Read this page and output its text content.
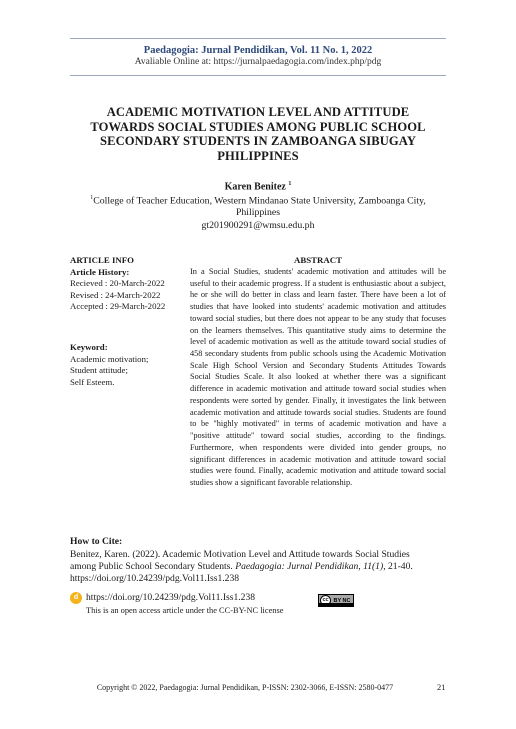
Paedagogia: Jurnal Pendidikan, Vol. 11 No. 1, 2022
Avaliable Online at: https://jurnalpaedagogia.com/index.php/pdg
ACADEMIC MOTIVATION LEVEL AND ATTITUDE
TOWARDS SOCIAL STUDIES AMONG PUBLIC SCHOOL
SECONDARY STUDENTS IN ZAMBOANGA SIBUGAY
PHILIPPINES
Karen Benitez $^1$
$^1$College of Teacher Education, Western Mindanao State University, Zamboanga City,
Philippines
gt201900291@wmsu.edu.ph
ARTICLE INFO
Article History:
Recieved : 20-March-2022
Revised : 24-March-2022
Accepted : 29-March-2022
Keyword:
Academic motivation;
Student attitude;
Self Esteem.
ABSTRACT
In a Social Studies, students' academic motivation and attitudes will be useful to their academic progress. If a student is enthusiastic about a subject, he or she will do better in class and learn faster. There have been a lot of studies that have looked into students' academic motivation and attitudes toward social studies, but there does not appear to be any study that focuses on the learners themselves. This quantitative study aims to determine the level of academic motivation as well as the attitude toward social studies of 458 secondary students from public schools using the Academic Motivation Scale High School Version and Secondary Students Attitudes Towards Social Studies Scale. It also looked at whether there was a significant difference in academic motivation and attitude toward social studies when respondents were sorted by gender. Finally, it investigates the link between academic motivation and attitude towards social studies. Students are found to be "highly motivated" in terms of academic motivation and have a "positive attitude" toward social studies, according to the findings. Furthermore, when respondents were divided into gender groups, no significant differences in academic motivation and attitude toward social studies were found. Finally, academic motivation and attitude toward social studies show a significant favorable relationship.
How to Cite:
Benitez, Karen. (2022). Academic Motivation Level and Attitude towards Social Studies
among Public School Secondary Students. Paedagogia: Jurnal Pendidikan, 11(1), 21-40.
https://doi.org/10.24239/pdg.Vol11.Iss1.238
d https://doi.org/10.24239/pdg.Vol11.Iss1.238
This is an open access article under the CC-BY-NC license
cc BY NC
Copyright © 2022, Paedagogia: Jurnal Pendidikan, P-ISSN: 2302-3066, E-ISSN: 2580-0477	21
